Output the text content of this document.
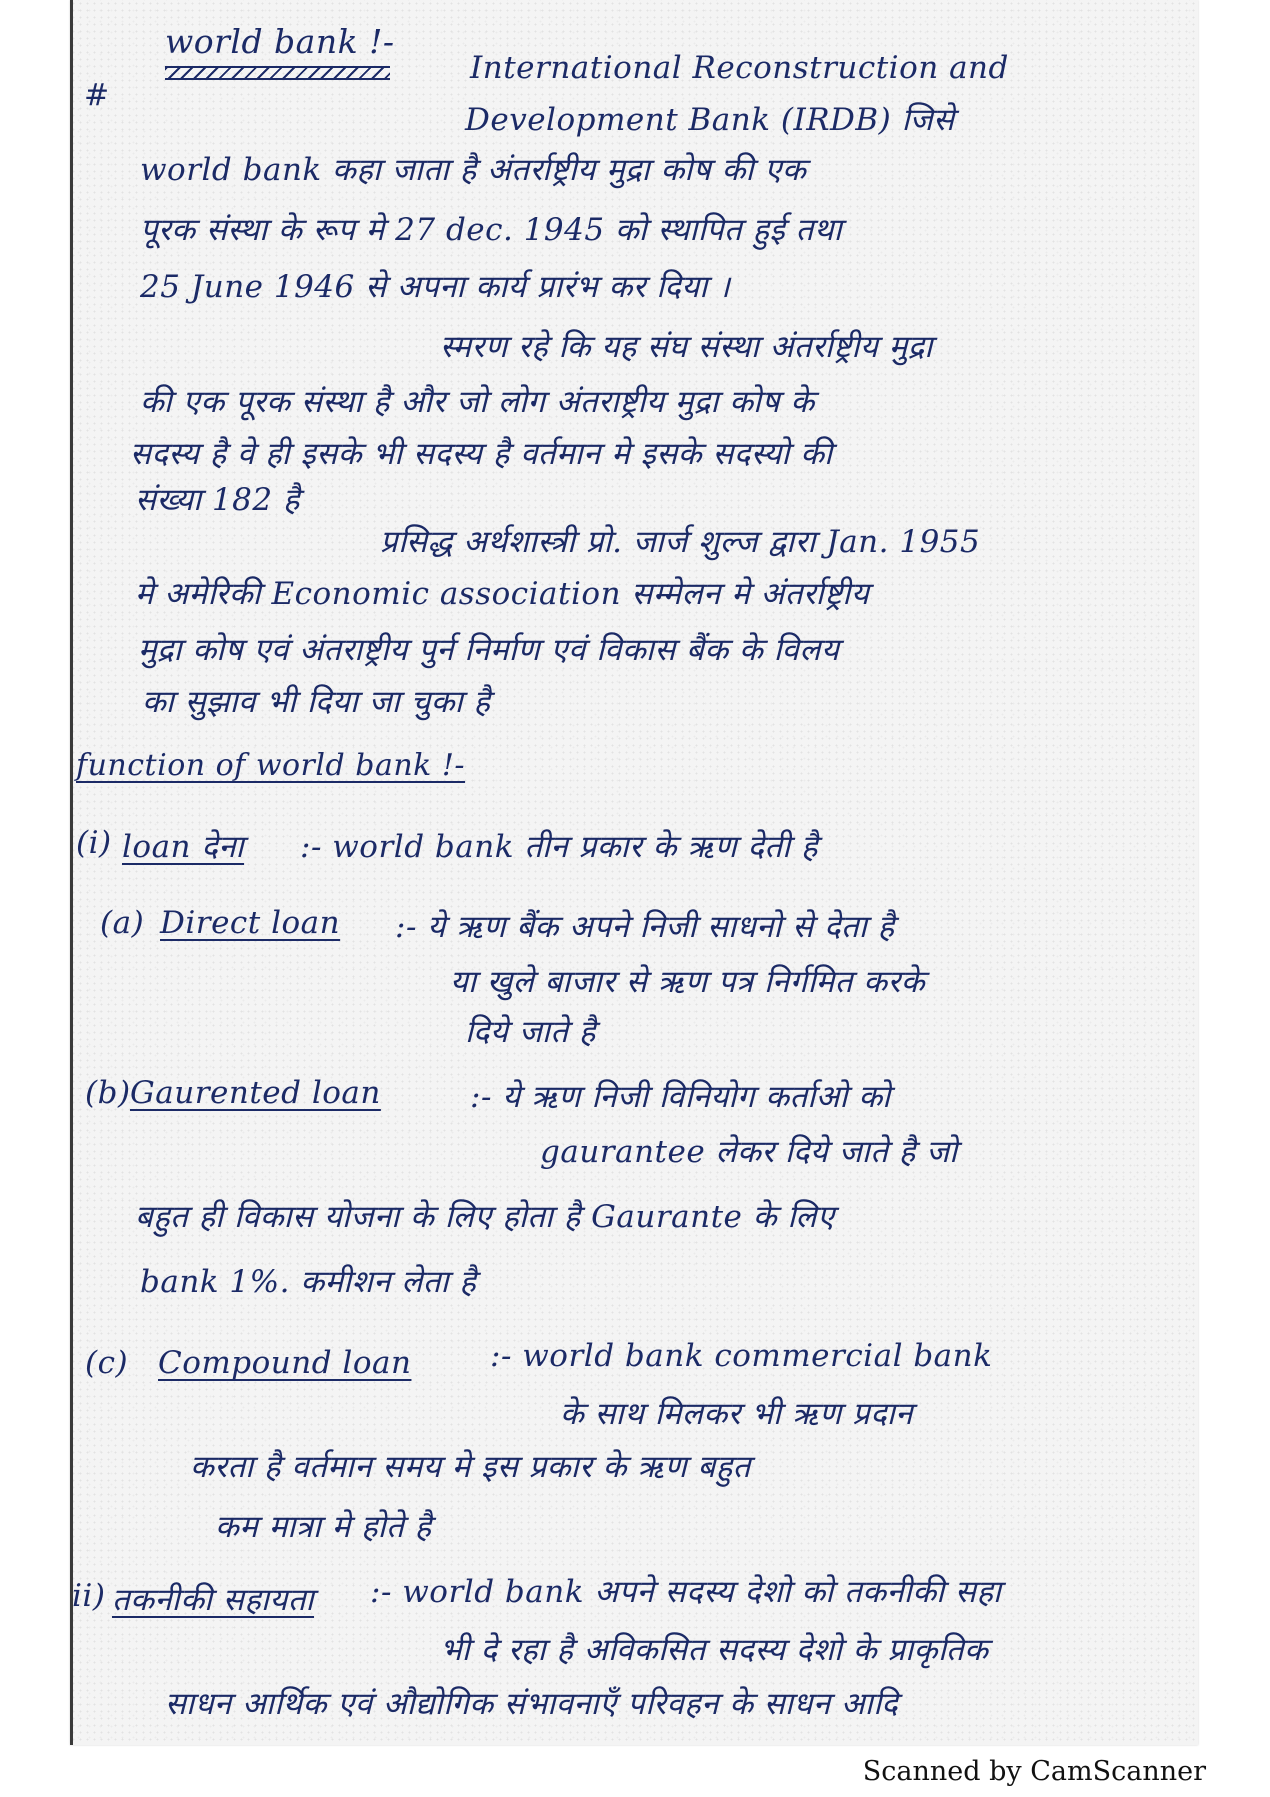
#
world bank !-
International Reconstruction and
Development Bank (IRDB) जिसे
world bank कहा जाता है अंतर्राष्ट्रीय मुद्रा कोष की एक
पूरक संस्था के रूप मे 27 dec. 1945 को स्थापित हुई तथा
25 June 1946 से अपना कार्य प्रारंभ कर दिया ।
स्मरण रहे कि यह संघ संस्था अंतर्राष्ट्रीय मुद्रा
की एक पूरक संस्था है और जो लोग अंतराष्ट्रीय मुद्रा कोष के
सदस्य है वे ही इसके भी सदस्य है वर्तमान मे इसके सदस्यो की
संख्या 182 है
प्रसिद्ध अर्थशास्त्री प्रो. जार्ज शुल्ज द्वारा Jan. 1955
मे अमेरिकी Economic association सम्मेलन मे अंतर्राष्ट्रीय
मुद्रा कोष एवं अंतराष्ट्रीय पुर्न निर्माण एवं विकास बैंक के विलय
का सुझाव भी दिया जा चुका है
function of world bank !-
(i) loan देना :- world bank तीन प्रकार के ऋण देती है
(a) Direct loan :- ये ऋण बैंक अपने निजी साधनो से देता है
या खुले बाजार से ऋण पत्र निर्गमित करके
दिये जाते है
(b) Gaurented loan	:- ये ऋण निजी विनियोग कर्ताओ को
gaurantee लेकर दिये जाते है जो
बहुत ही विकास योजना के लिए होता है Gaurante के लिए
bank 1%. कमीशन लेता है
(c) Compound loan	:- world bank commercial bank
के साथ मिलकर भी ऋण प्रदान
करता है वर्तमान समय मे इस प्रकार के ऋण बहुत
कम मात्रा मे होते है
ii) तकनीकी सहायता :- world bank अपने सदस्य देशो को तकनीकी सहा
भी दे रहा है अविकसित सदस्य देशो के प्राकृतिक
साधन आर्थिक एवं औद्योगिक संभावनाएँ परिवहन के साधन आदि
Scanned by CamScanner
